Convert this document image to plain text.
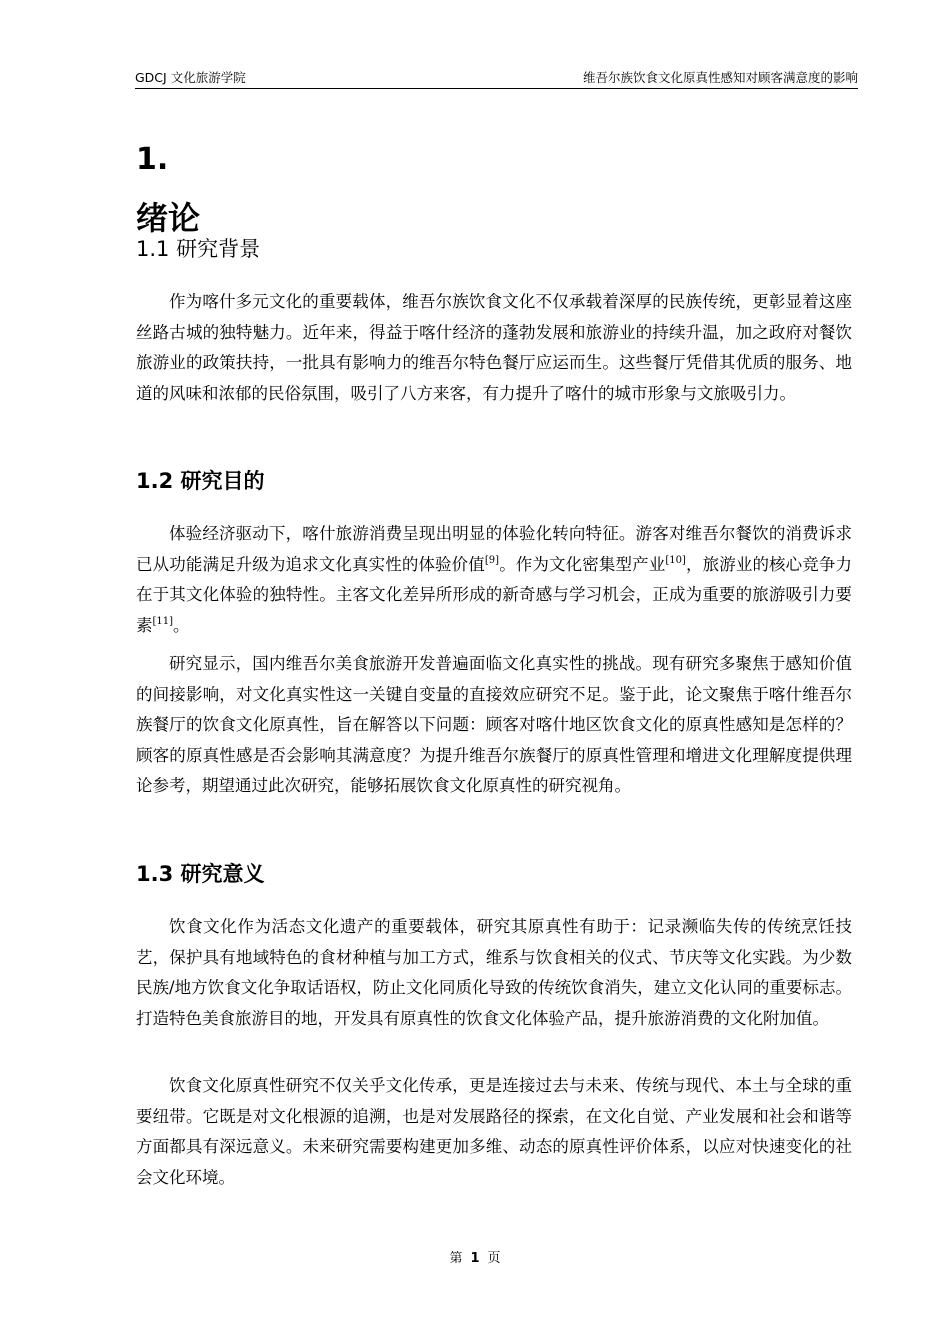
GDCJ 文化旅游学院	维吾尔族饮食文化原真性感知对顾客满意度的影响
1.
绪论
1.1 研究背景

作为喀什多元文化的重要载体，维吾尔族饮食文化不仅承载着深厚的民族传统，更彰显着这座丝路古城的独特魅力。近年来，得益于喀什经济的蓬勃发展和旅游业的持续升温，加之政府对餐饮旅游业的政策扶持，一批具有影响力的维吾尔特色餐厅应运而生。这些餐厅凭借其优质的服务、地道的风味和浓郁的民俗氛围，吸引了八方来客，有力提升了喀什的城市形象与文旅吸引力。

1.2 研究目的

体验经济驱动下，喀什旅游消费呈现出明显的体验化转向特征。游客对维吾尔餐饮的消费诉求已从功能满足升级为追求文化真实性的体验价值[9]。作为文化密集型产业[10]，旅游业的核心竞争力在于其文化体验的独特性。主客文化差异所形成的新奇感与学习机会，正成为重要的旅游吸引力要素[11]。

研究显示，国内维吾尔美食旅游开发普遍面临文化真实性的挑战。现有研究多聚焦于感知价值的间接影响，对文化真实性这一关键自变量的直接效应研究不足。鉴于此，论文聚焦于喀什维吾尔族餐厅的饮食文化原真性，旨在解答以下问题：顾客对喀什地区饮食文化的原真性感知是怎样的？顾客的原真性感是否会影响其满意度？为提升维吾尔族餐厅的原真性管理和增进文化理解度提供理论参考，期望通过此次研究，能够拓展饮食文化原真性的研究视角。

1.3 研究意义

饮食文化作为活态文化遗产的重要载体，研究其原真性有助于：记录濒临失传的传统烹饪技艺，保护具有地域特色的食材种植与加工方式，维系与饮食相关的仪式、节庆等文化实践。为少数民族/地方饮食文化争取话语权，防止文化同质化导致的传统饮食消失，建立文化认同的重要标志。打造特色美食旅游目的地，开发具有原真性的饮食文化体验产品，提升旅游消费的文化附加值。

饮食文化原真性研究不仅关乎文化传承，更是连接过去与未来、传统与现代、本土与全球的重要纽带。它既是对文化根源的追溯，也是对发展路径的探索，在文化自觉、产业发展和社会和谐等方面都具有深远意义。未来研究需要构建更加多维、动态的原真性评价体系，以应对快速变化的社会文化环境。

第 1 页
